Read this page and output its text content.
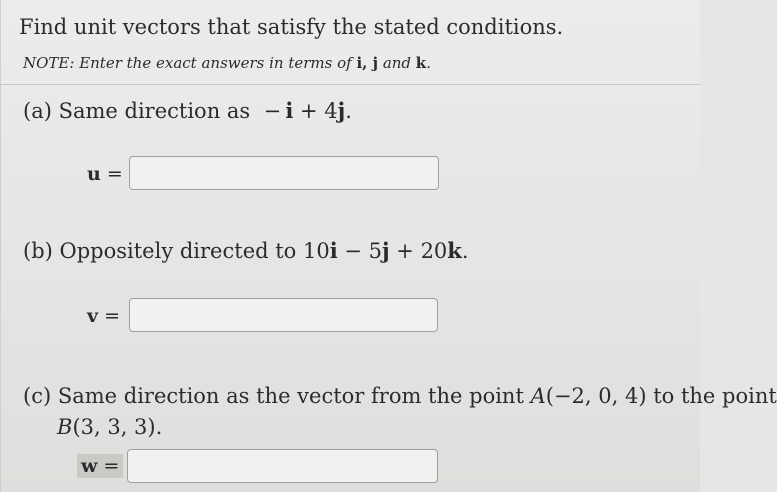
Find unit vectors that satisfy the stated conditions.
NOTE: Enter the exact answers in terms of i, j and k.
(a) Same direction as  −  i + 4j.
u =
(b) Oppositely directed to 10i − 5j + 20k.
v =
(c) Same direction as the vector from the point A(−2, 0, 4) to the point
B(3, 3, 3).
w =
